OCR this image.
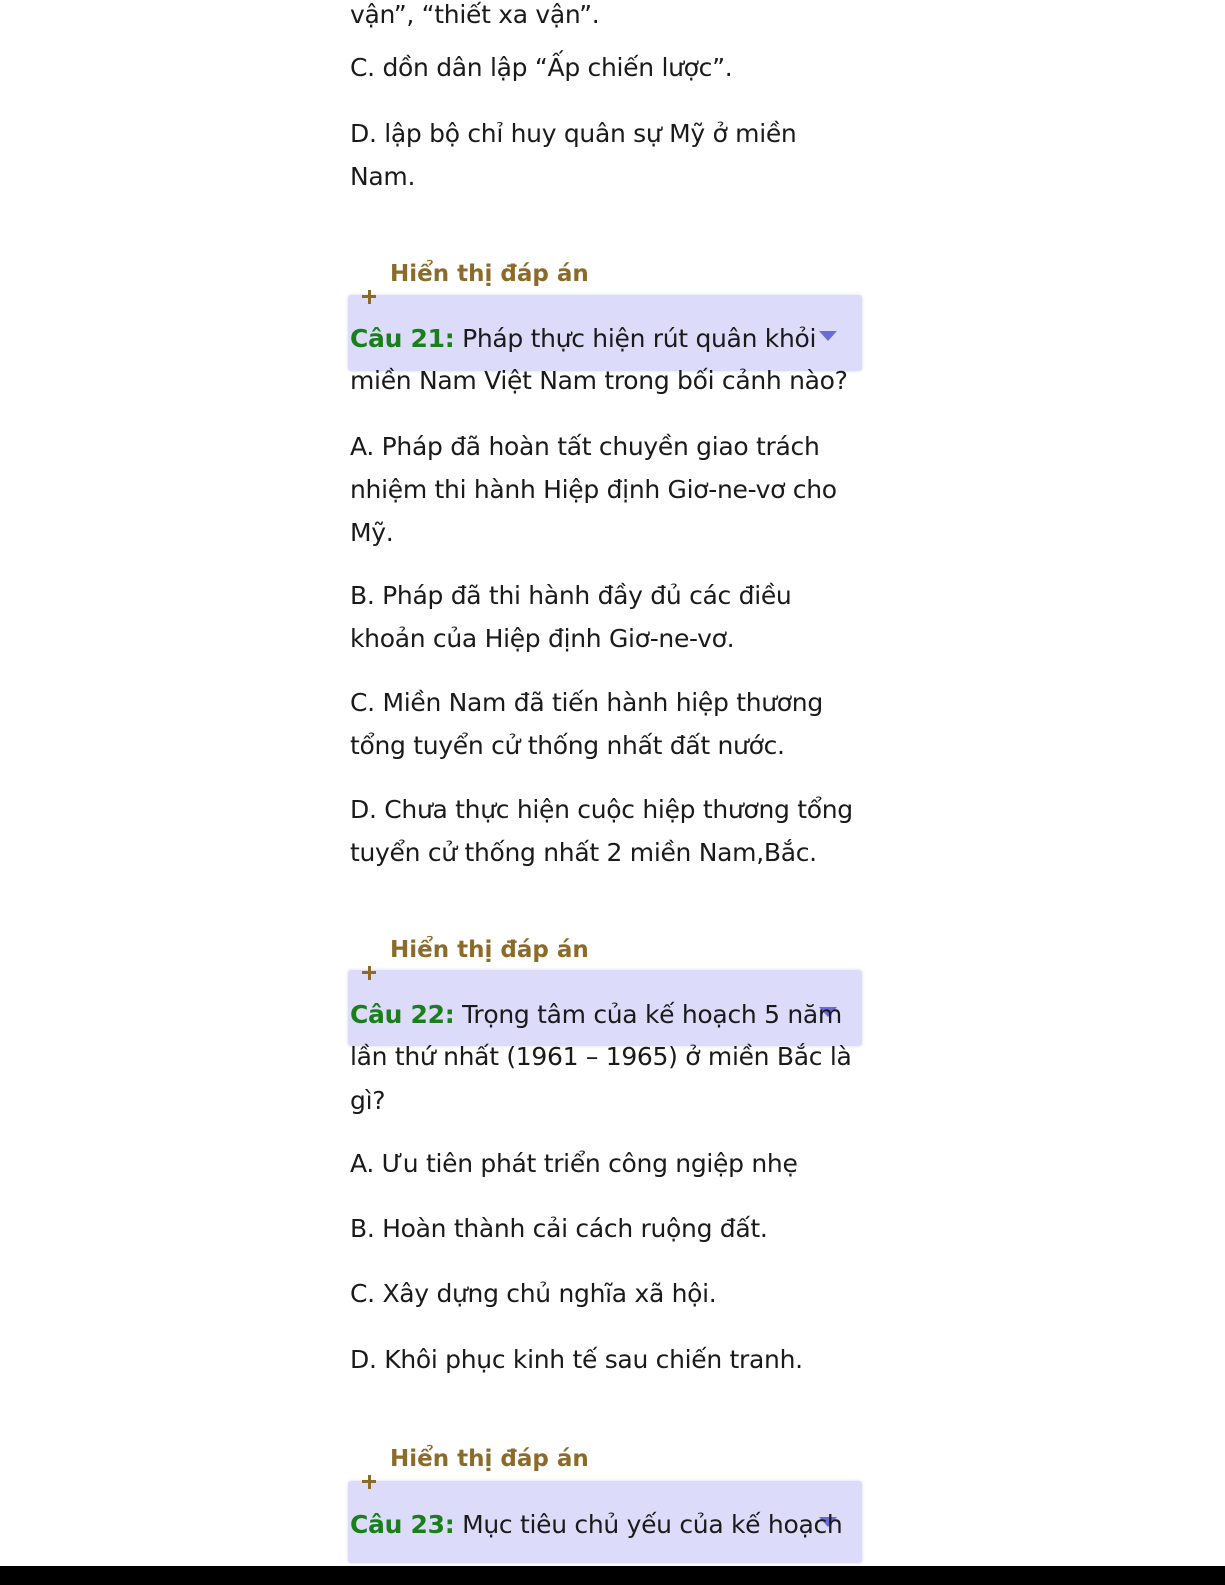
vận”, “thiết xa vận”.
C. dồn dân lập “Ấp chiến lược”.
D. lập bộ chỉ huy quân sự Mỹ ở miền Nam.
Hiển thị đáp án
Câu 21: Pháp thực hiện rút quân khỏi
miền Nam Việt Nam trong bối cảnh nào?
A. Pháp đã hoàn tất chuyền giao trách nhiệm thi hành Hiệp định Giơ-ne-vơ cho Mỹ.
B. Pháp đã thi hành đầy đủ các điều khoản của Hiệp định Giơ-ne-vơ.
C. Miền Nam đã tiến hành hiệp thương tổng tuyển cử thống nhất đất nước.
D. Chưa thực hiện cuộc hiệp thương tổng tuyển cử thống nhất 2 miền Nam,Bắc.
Hiển thị đáp án
Câu 22: Trọng tâm của kế hoạch 5 năm
lần thứ nhất (1961 – 1965) ở miền Bắc là
gì?
A. Ưu tiên phát triển công ngiệp nhẹ
B. Hoàn thành cải cách ruộng đất.
C. Xây dựng chủ nghĩa xã hội.
D. Khôi phục kinh tế sau chiến tranh.
Hiển thị đáp án
Câu 23: Mục tiêu chủ yếu của kế hoạch
